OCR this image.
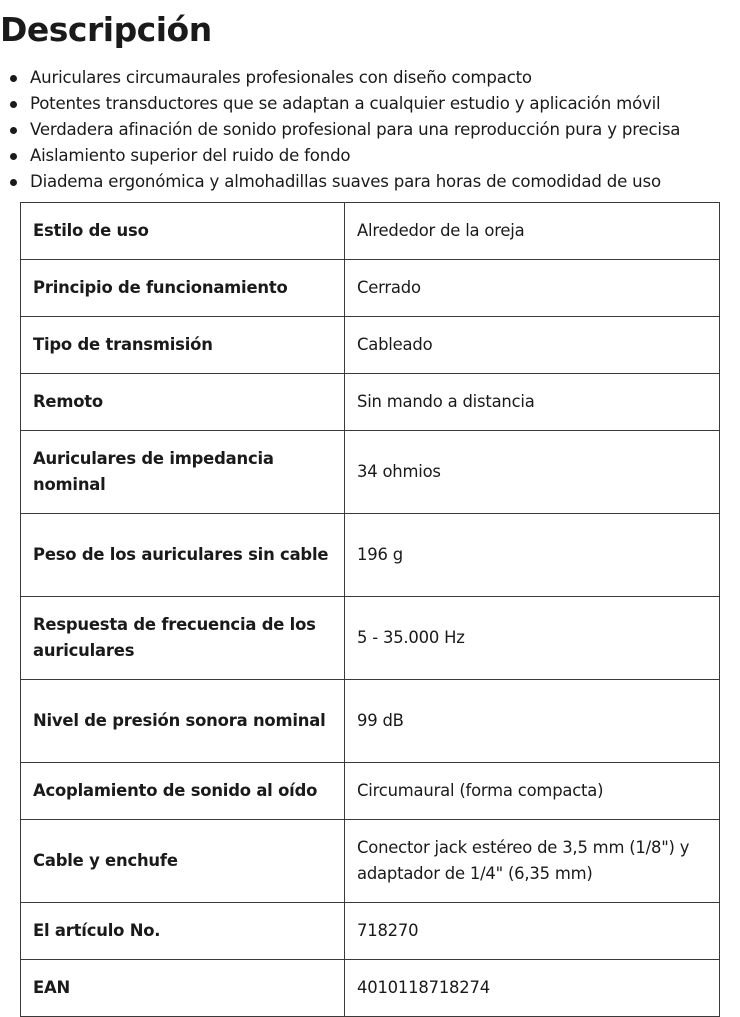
Descripción
Auriculares circumaurales profesionales con diseño compacto
Potentes transductores que se adaptan a cualquier estudio y aplicación móvil
Verdadera afinación de sonido profesional para una reproducción pura y precisa
Aislamiento superior del ruido de fondo
Diadema ergonómica y almohadillas suaves para horas de comodidad de uso
Estilo de uso	Alrededor de la oreja
Principio de funcionamiento	Cerrado
Tipo de transmisión	Cableado
Remoto	Sin mando a distancia
Auriculares de impedancia nominal	34 ohmios
Peso de los auriculares sin cable	196 g
Respuesta de frecuencia de los auriculares	5 - 35.000 Hz
Nivel de presión sonora nominal	99 dB
Acoplamiento de sonido al oído	Circumaural (forma compacta)
Cable y enchufe	Conector jack estéreo de 3,5 mm (1/8") y adaptador de 1/4" (6,35 mm)
El artículo No.	718270
EAN	4010118718274
